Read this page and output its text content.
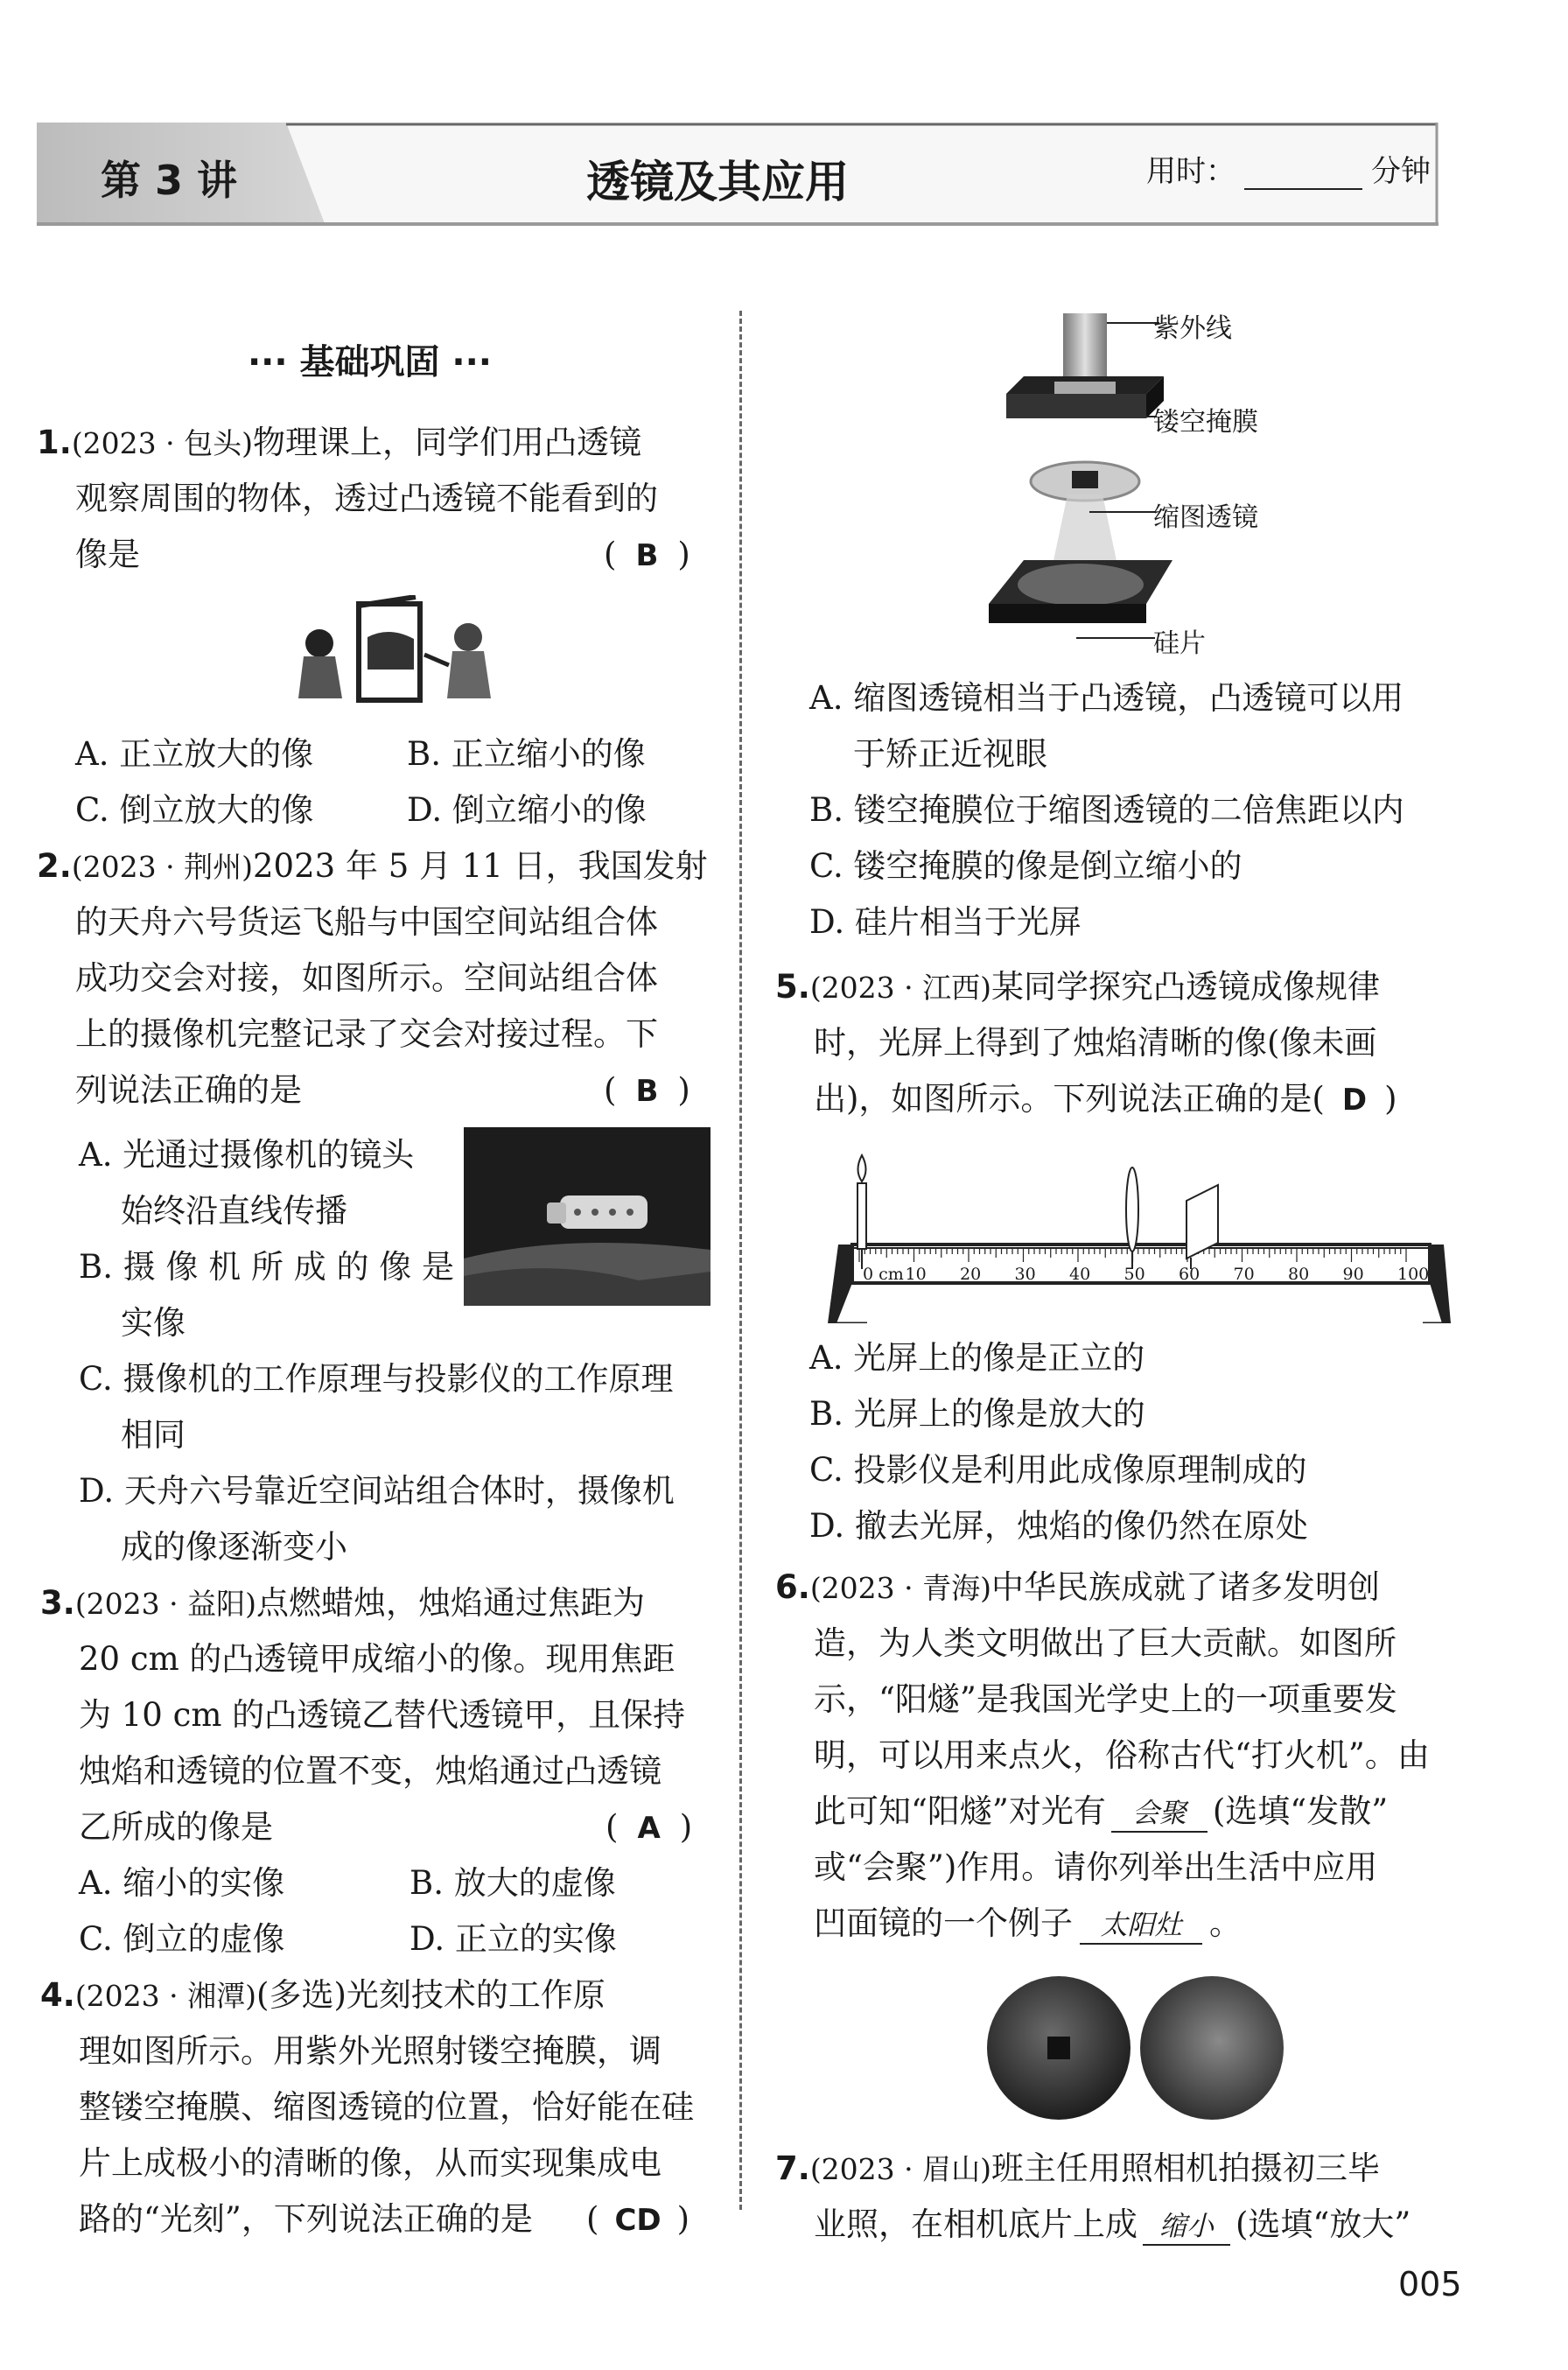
第 3 讲	透镜及其应用	用时：	分钟
··· 基础巩固 ···
1.(2023 · 包头)物理课上，同学们用凸透镜
观察周围的物体，透过凸透镜不能看到的
像是	( B )
A. 正立放大的像	B. 正立缩小的像
C. 倒立放大的像	D. 倒立缩小的像
2.(2023 · 荆州)2023 年 5 月 11 日，我国发射
的天舟六号货运飞船与中国空间站组合体
成功交会对接，如图所示。空间站组合体
上的摄像机完整记录了交会对接过程。下
列说法正确的是	( B )
A. 光通过摄像机的镜头
始终沿直线传播
B. 摄 像 机 所 成 的 像 是
实像
C. 摄像机的工作原理与投影仪的工作原理
相同
D. 天舟六号靠近空间站组合体时，摄像机
成的像逐渐变小
3.(2023 · 益阳)点燃蜡烛，烛焰通过焦距为
20 cm 的凸透镜甲成缩小的像。现用焦距
为 10 cm 的凸透镜乙替代透镜甲，且保持
烛焰和透镜的位置不变，烛焰通过凸透镜
乙所成的像是	( A )
A. 缩小的实像	B. 放大的虚像
C. 倒立的虚像	D. 正立的实像
4.(2023 · 湘潭)(多选)光刻技术的工作原
理如图所示。用紫外光照射镂空掩膜，调
整镂空掩膜、缩图透镜的位置，恰好能在硅
片上成极小的清晰的像，从而实现集成电
路的“光刻”，下列说法正确的是 ( CD )
紫外线
镂空掩膜
缩图透镜
硅片
A. 缩图透镜相当于凸透镜，凸透镜可以用
于矫正近视眼
B. 镂空掩膜位于缩图透镜的二倍焦距以内
C. 镂空掩膜的像是倒立缩小的
D. 硅片相当于光屏
5.(2023 · 江西)某同学探究凸透镜成像规律
时，光屏上得到了烛焰清晰的像(像未画
出)，如图所示。下列说法正确的是( D )
0 cm 10 20 30 40 50 60 70 80 90 100
A. 光屏上的像是正立的
B. 光屏上的像是放大的
C. 投影仪是利用此成像原理制成的
D. 撤去光屏，烛焰的像仍然在原处
6.(2023 · 青海)中华民族成就了诸多发明创
造，为人类文明做出了巨大贡献。如图所
示，“阳燧”是我国光学史上的一项重要发
明，可以用来点火，俗称古代“打火机”。由
此可知“阳燧”对光有 会聚 (选填“发散”
或“会聚”)作用。请你列举出生活中应用
凹面镜的一个例子 太阳灶 。
7.(2023 · 眉山)班主任用照相机拍摄初三毕
业照，在相机底片上成 缩小 (选填“放大”
005
